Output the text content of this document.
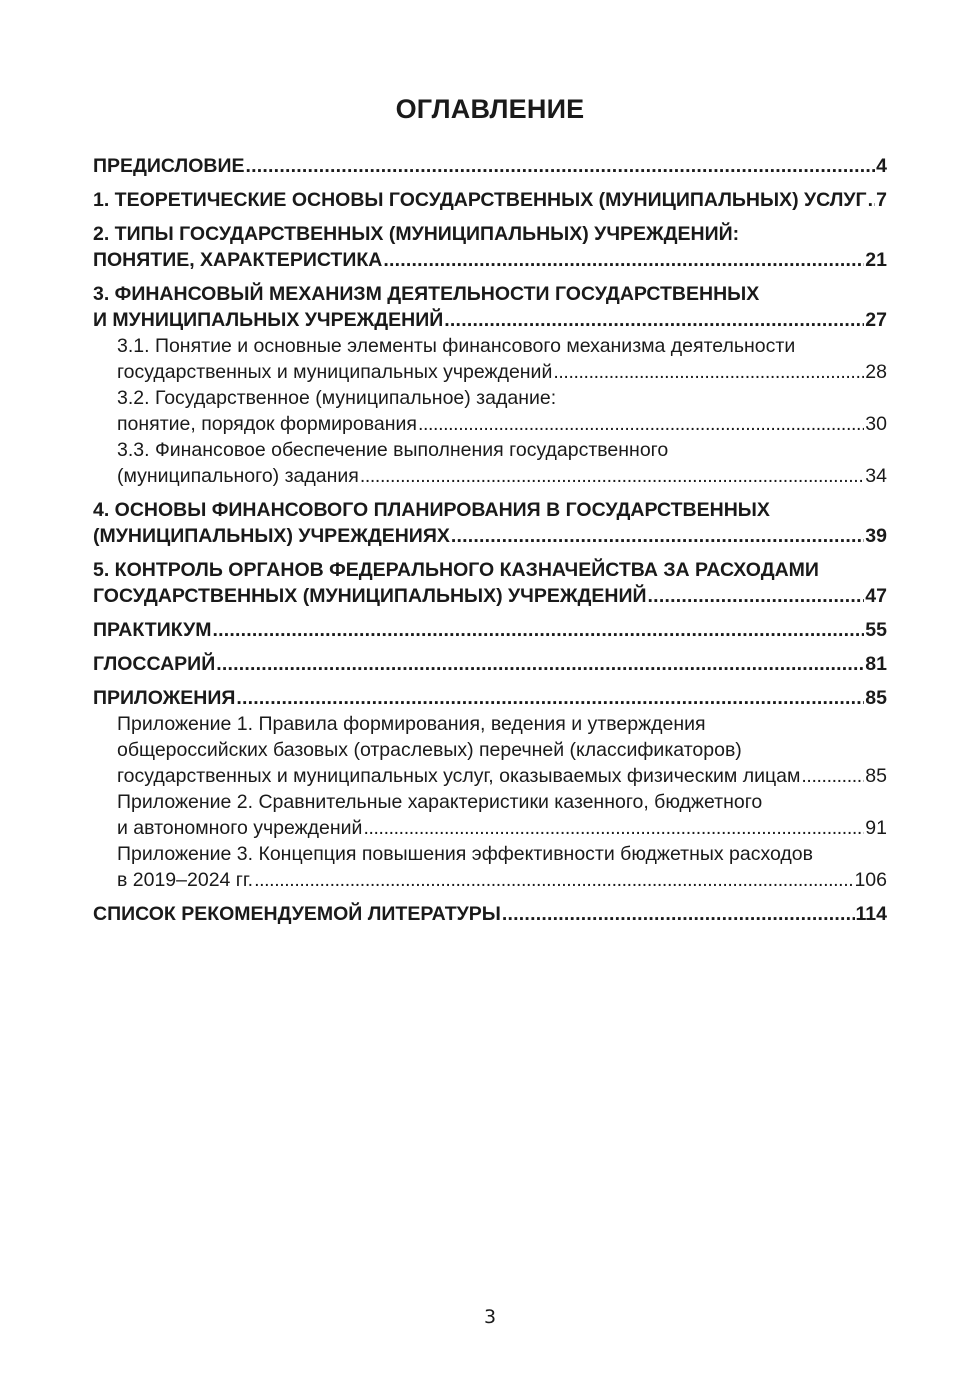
ОГЛАВЛЕНИЕ
ПРЕДИСЛОВИЕ . . .	4
1. ТЕОРЕТИЧЕСКИЕ ОСНОВЫ ГОСУДАРСТВЕННЫХ (МУНИЦИПАЛЬНЫХ) УСЛУГ . . . 7
2. ТИПЫ ГОСУДАРСТВЕННЫХ (МУНИЦИПАЛЬНЫХ) УЧРЕЖДЕНИЙ:
ПОНЯТИЕ, ХАРАКТЕРИСТИКА . . .	21
3. ФИНАНСОВЫЙ МЕХАНИЗМ ДЕЯТЕЛЬНОСТИ ГОСУДАРСТВЕННЫХ
И МУНИЦИПАЛЬНЫХ УЧРЕЖДЕНИЙ . . .	27
3.1. Понятие и основные элементы финансового механизма деятельности
государственных и муниципальных учреждений . . .	28
3.2. Государственное (муниципальное) задание:
понятие, порядок формирования . . .	30
3.3. Финансовое обеспечение выполнения государственного
(муниципального) задания . . .	34
4. ОСНОВЫ ФИНАНСОВОГО ПЛАНИРОВАНИЯ В ГОСУДАРСТВЕННЫХ
(МУНИЦИПАЛЬНЫХ) УЧРЕЖДЕНИЯХ . . .	39
5. КОНТРОЛЬ ОРГАНОВ ФЕДЕРАЛЬНОГО КАЗНАЧЕЙСТВА ЗА РАСХОДАМИ
ГОСУДАРСТВЕННЫХ (МУНИЦИПАЛЬНЫХ) УЧРЕЖДЕНИЙ . . .	47
ПРАКТИКУМ . . .	55
ГЛОССАРИЙ . . .	81
ПРИЛОЖЕНИЯ . . .	85
Приложение 1. Правила формирования, ведения и утверждения
общероссийских базовых (отраслевых) перечней (классификаторов)
государственных и муниципальных услуг, оказываемых физическим лицам . . .	85
Приложение 2. Сравнительные характеристики казенного, бюджетного
и автономного учреждений . . .	91
Приложение 3. Концепция повышения эффективности бюджетных расходов
в 2019–2024 гг. . . .	106
СПИСОК РЕКОМЕНДУЕМОЙ ЛИТЕРАТУРЫ . . .	114
3
